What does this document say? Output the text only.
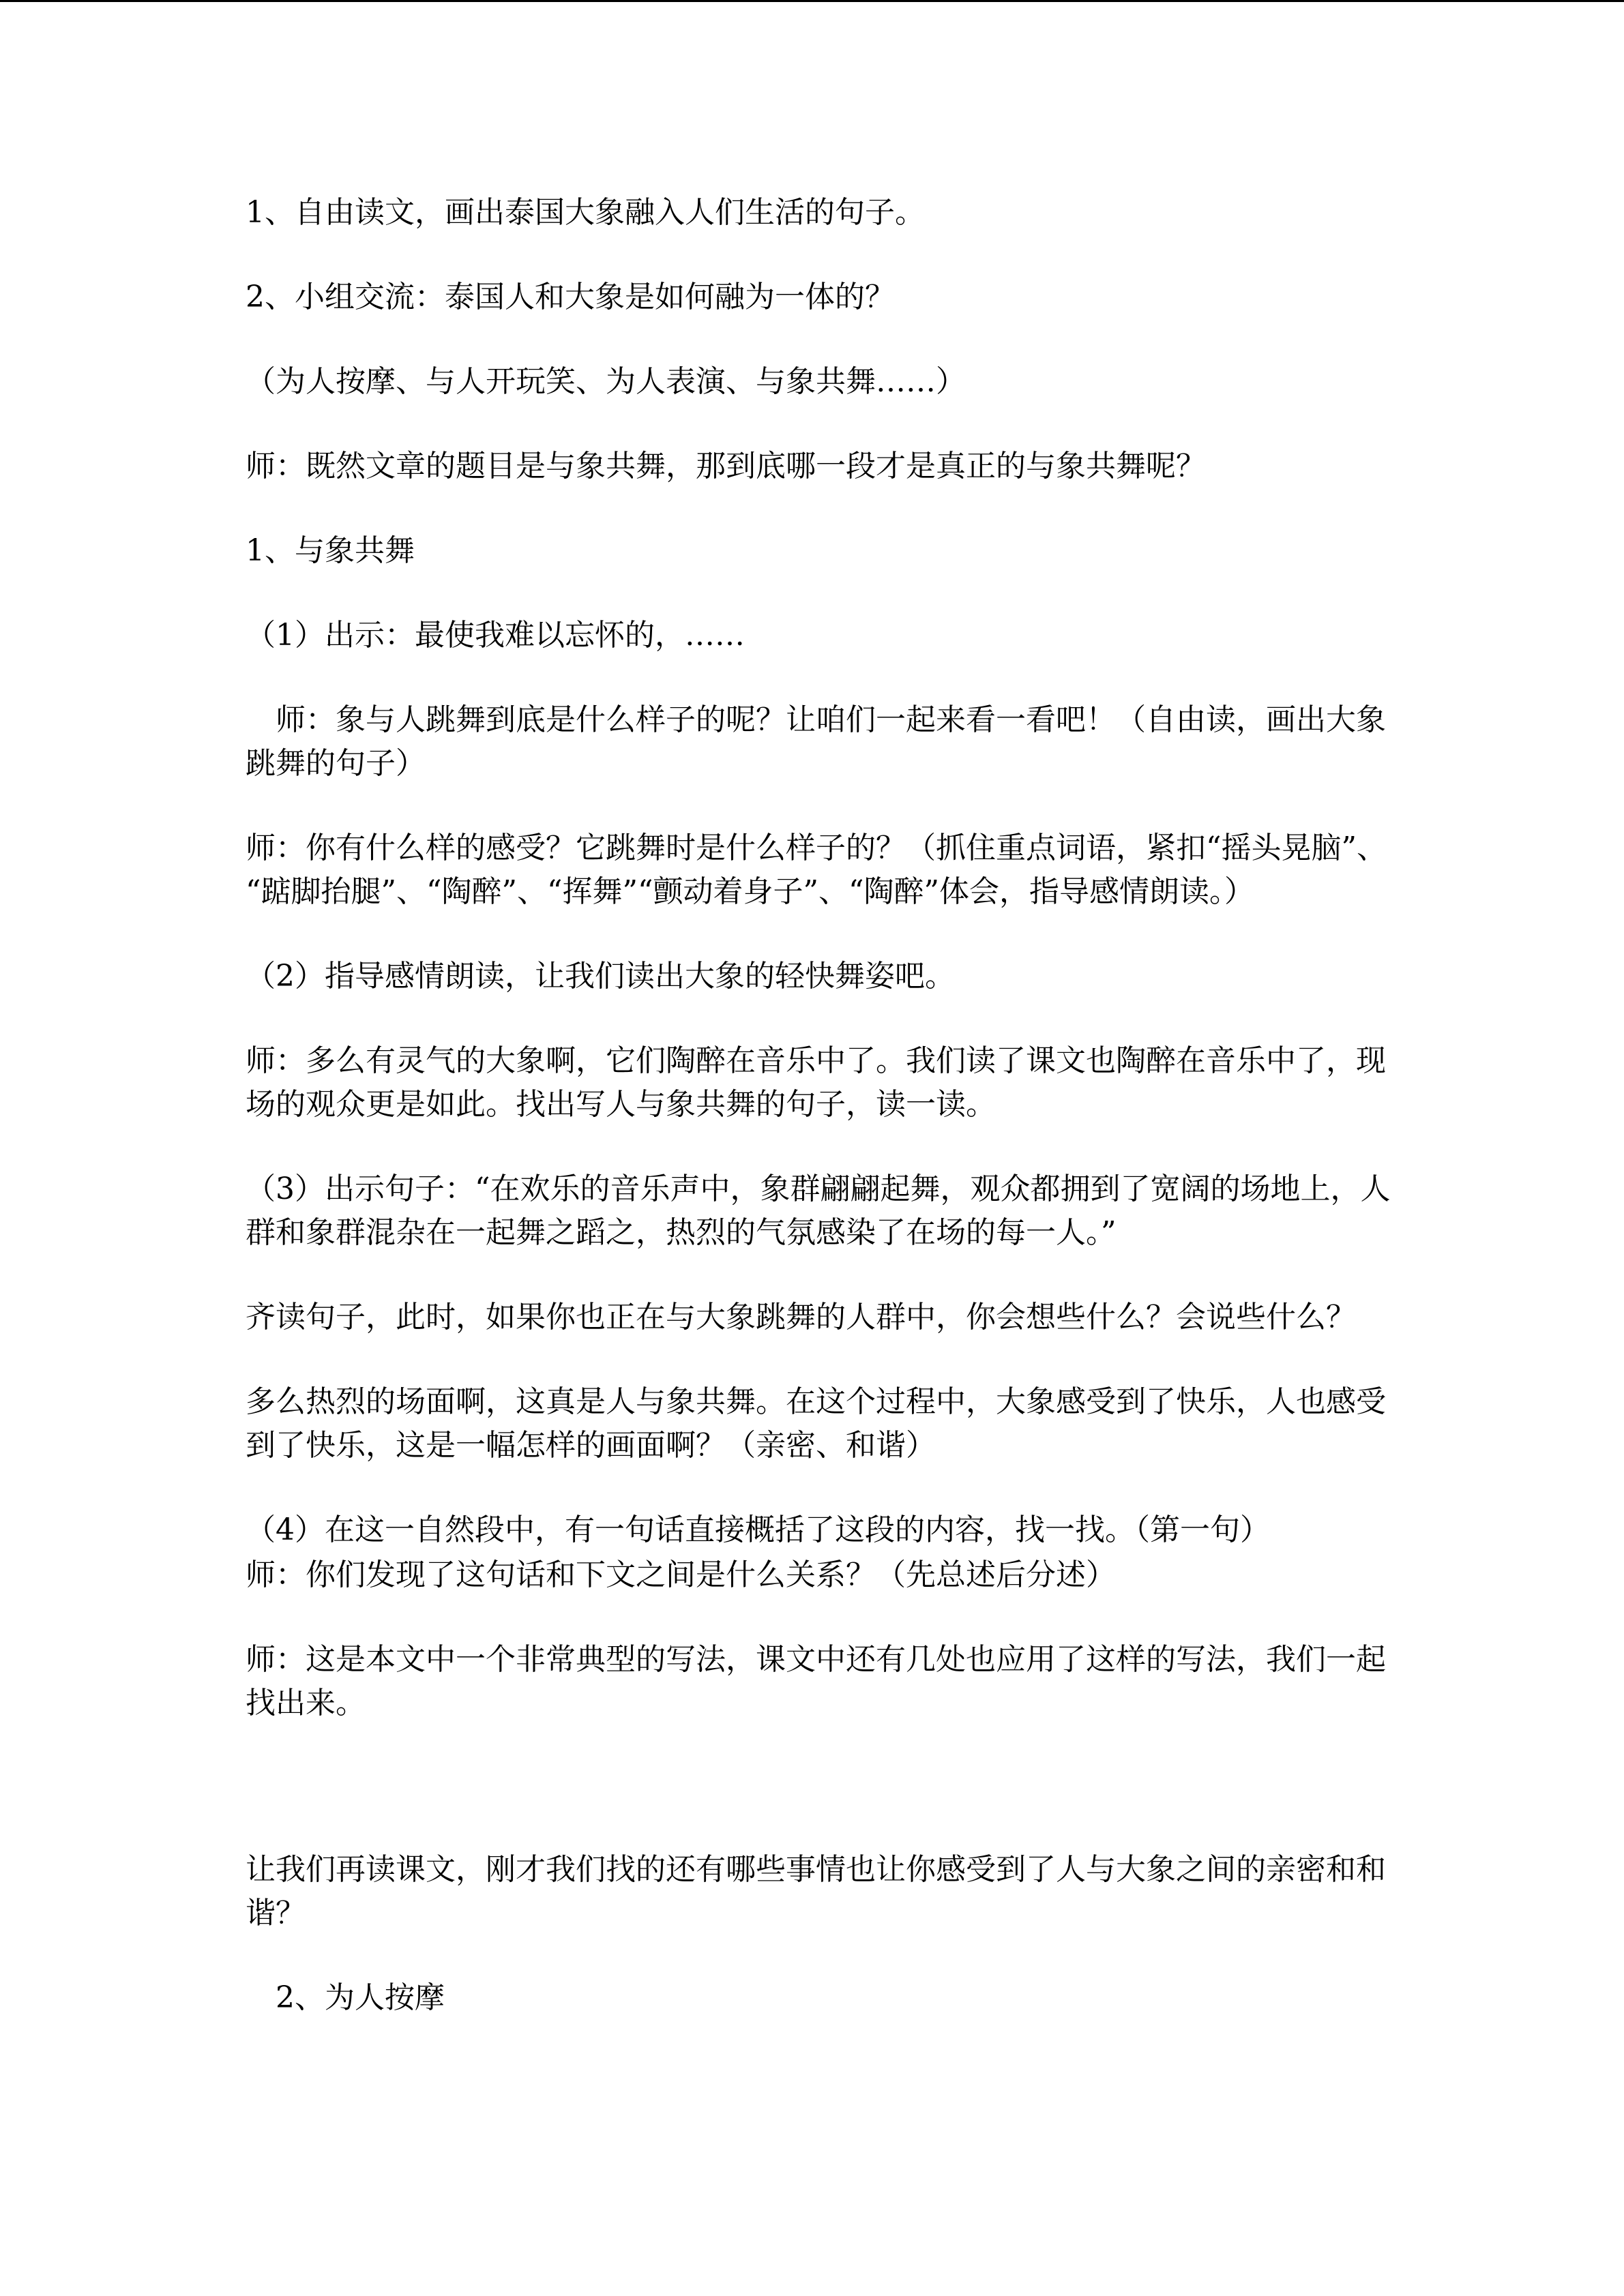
1、自由读文，画出泰国大象融入人们生活的句子。

2、小组交流：泰国人和大象是如何融为一体的？

（为人按摩、与人开玩笑、为人表演、与象共舞……）

师：既然文章的题目是与象共舞，那到底哪一段才是真正的与象共舞呢？

1、与象共舞

（1）出示：最使我难以忘怀的，……

师：象与人跳舞到底是什么样子的呢？让咱们一起来看一看吧！（自由读，画出大象跳舞的句子）

师：你有什么样的感受？它跳舞时是什么样子的？（抓住重点词语，紧扣“摇头晃脑”、 “踮脚抬腿”、“陶醉”、“挥舞”“颤动着身子”、“陶醉”体会，指导感情朗读。）

（2）指导感情朗读，让我们读出大象的轻快舞姿吧。

师：多么有灵气的大象啊，它们陶醉在音乐中了。我们读了课文也陶醉在音乐中了，现场的观众更是如此。找出写人与象共舞的句子，读一读。

（3）出示句子：“在欢乐的音乐声中，象群翩翩起舞，观众都拥到了宽阔的场地上，人群和象群混杂在一起舞之蹈之，热烈的气氛感染了在场的每一人。”

齐读句子，此时，如果你也正在与大象跳舞的人群中，你会想些什么？会说些什么？

多么热烈的场面啊，这真是人与象共舞。在这个过程中，大象感受到了快乐，人也感受到了快乐，这是一幅怎样的画面啊？（亲密、和谐）

（4）在这一自然段中，有一句话直接概括了这段的内容，找一找。（第一句）

师：你们发现了这句话和下文之间是什么关系？（先总述后分述）

师：这是本文中一个非常典型的写法，课文中还有几处也应用了这样的写法，我们一起找出来。

让我们再读课文，刚才我们找的还有哪些事情也让你感受到了人与大象之间的亲密和和谐？

2、为人按摩
